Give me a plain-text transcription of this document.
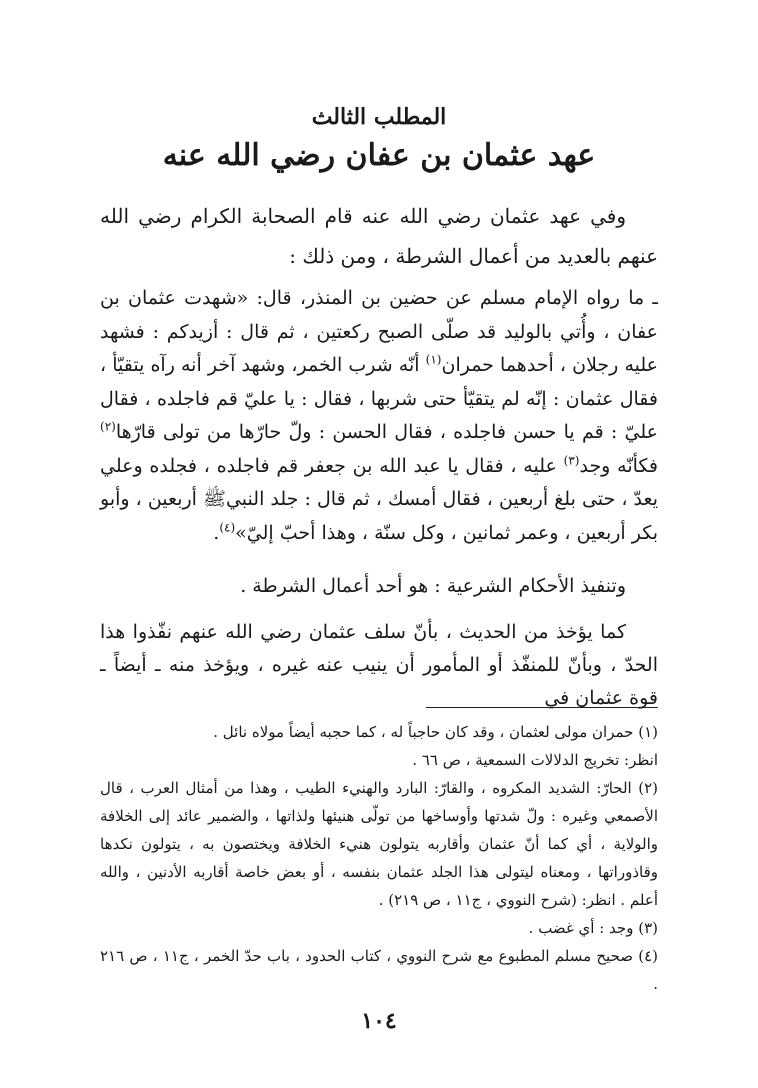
المطلب الثالث
عهد عثمان بن عفان رضي الله عنه

وفي عهد عثمان رضي الله عنه قام الصحابة الكرام رضي الله عنهم بالعديد من أعمال الشرطة ، ومن ذلك :

ـ ما رواه الإمام مسلم عن حضين بن المنذر، قال: «شهدت عثمان بن عفان ، وأُتي بالوليد قد صلّى الصبح ركعتين ، ثم قال : أزيدكم : فشهد عليه رجلان ، أحدهما حمران$^{(١)}$ أنّه شرب الخمر، وشهد آخر أنه رآه يتقيّأ ، فقال عثمان : إنّه لم يتقيّأ حتى شربها ، فقال : يا عليّ قم فاجلده ، فقال عليّ : قم يا حسن فاجلده ، فقال الحسن : ولّ حارّها من تولى قارّها$^{(٢)}$ فكأنّه وجد$^{(٣)}$ عليه ، فقال يا عبد الله بن جعفر قم فاجلده ، فجلده وعلي يعدّ ، حتى بلغ أربعين ، فقال أمسك ، ثم قال : جلد النبيﷺ أربعين ، وأبو بكر أربعين ، وعمر ثمانين ، وكل سنّة ، وهذا أحبّ إليّ»$^{(٤)}$.

وتنفيذ الأحكام الشرعية : هو أحد أعمال الشرطة .

كما يؤخذ من الحديث ، بأنّ سلف عثمان رضي الله عنهم نفّذوا هذا الحدّ ، وبأنّ للمنفّذ أو المأمور أن ينيب عنه غيره ، ويؤخذ منه ـ أيضاً ـ قوة عثمان في

(١) حمران مولى لعثمان ، وقد كان حاجباً له ، كما حجبه أيضاً مولاه نائل .
انظر: تخريج الدلالات السمعية ، ص ٦٦ .
(٢) الحارّ: الشديد المكروه ، والقارّ: البارد والهنيء الطيب ، وهذا من أمثال العرب ، قال الأصمعي وغيره : ولّ شدتها وأوساخها من تولّى هنيئها ولذاتها ، والضمير عائد إلى الخلافة والولاية ، أي كما أنّ عثمان وأقاربه يتولون هنيء الخلافة ويختصون به ، يتولون نكدها وقاذوراتها ، ومعناه ليتولى هذا الجلد عثمان بنفسه ، أو بعض خاصة أقاربه الأدنين ، والله أعلم . انظر: (شرح النووي ، ج١١ ، ص ٢١٩) .
(٣) وجد : أي غضب .
(٤) صحيح مسلم المطبوع مع شرح النووي ، كتاب الحدود ، باب حدّ الخمر ، ج١١ ، ص ٢١٦ .
١٠٤
